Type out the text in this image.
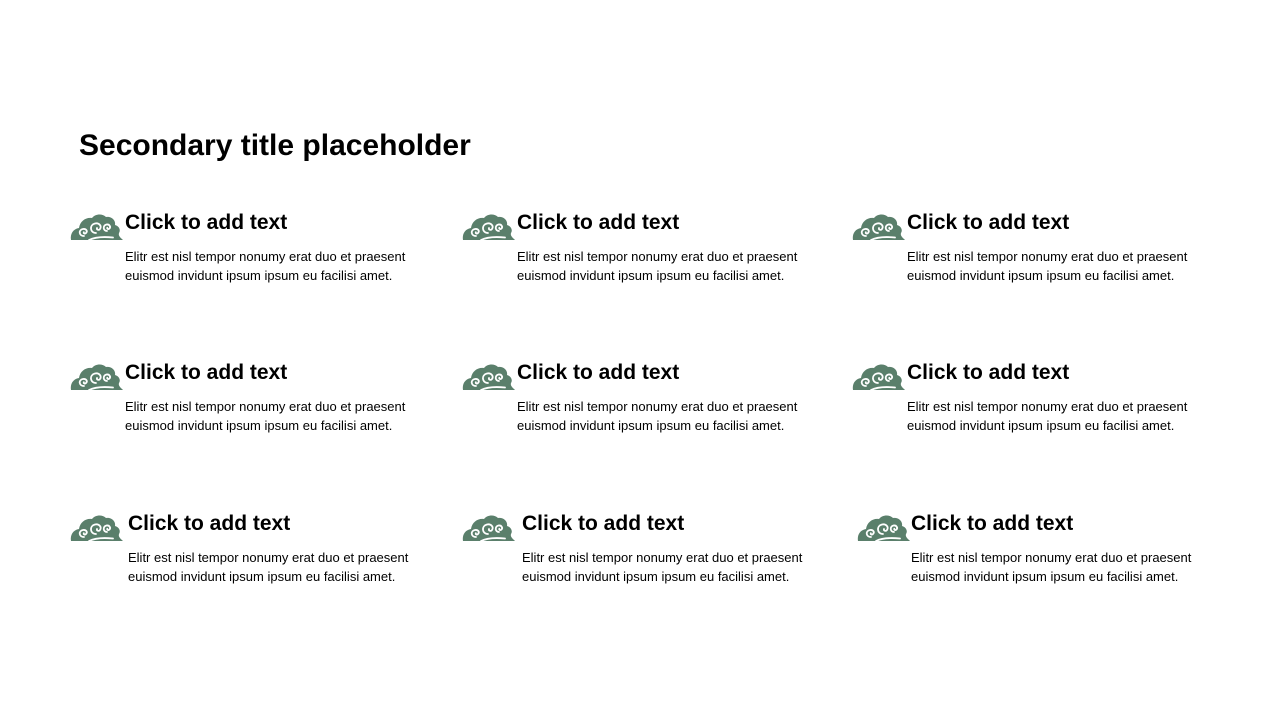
Secondary title placeholder
Click to add text
Elitr est nisl tempor nonumy erat duo et praesent euismod invidunt ipsum ipsum eu facilisi amet.
Click to add text
Elitr est nisl tempor nonumy erat duo et praesent euismod invidunt ipsum ipsum eu facilisi amet.
Click to add text
Elitr est nisl tempor nonumy erat duo et praesent euismod invidunt ipsum ipsum eu facilisi amet.
Click to add text
Elitr est nisl tempor nonumy erat duo et praesent euismod invidunt ipsum ipsum eu facilisi amet.
Click to add text
Elitr est nisl tempor nonumy erat duo et praesent euismod invidunt ipsum ipsum eu facilisi amet.
Click to add text
Elitr est nisl tempor nonumy erat duo et praesent euismod invidunt ipsum ipsum eu facilisi amet.
Click to add text
Elitr est nisl tempor nonumy erat duo et praesent euismod invidunt ipsum ipsum eu facilisi amet.
Click to add text
Elitr est nisl tempor nonumy erat duo et praesent euismod invidunt ipsum ipsum eu facilisi amet.
Click to add text
Elitr est nisl tempor nonumy erat duo et praesent euismod invidunt ipsum ipsum eu facilisi amet.
